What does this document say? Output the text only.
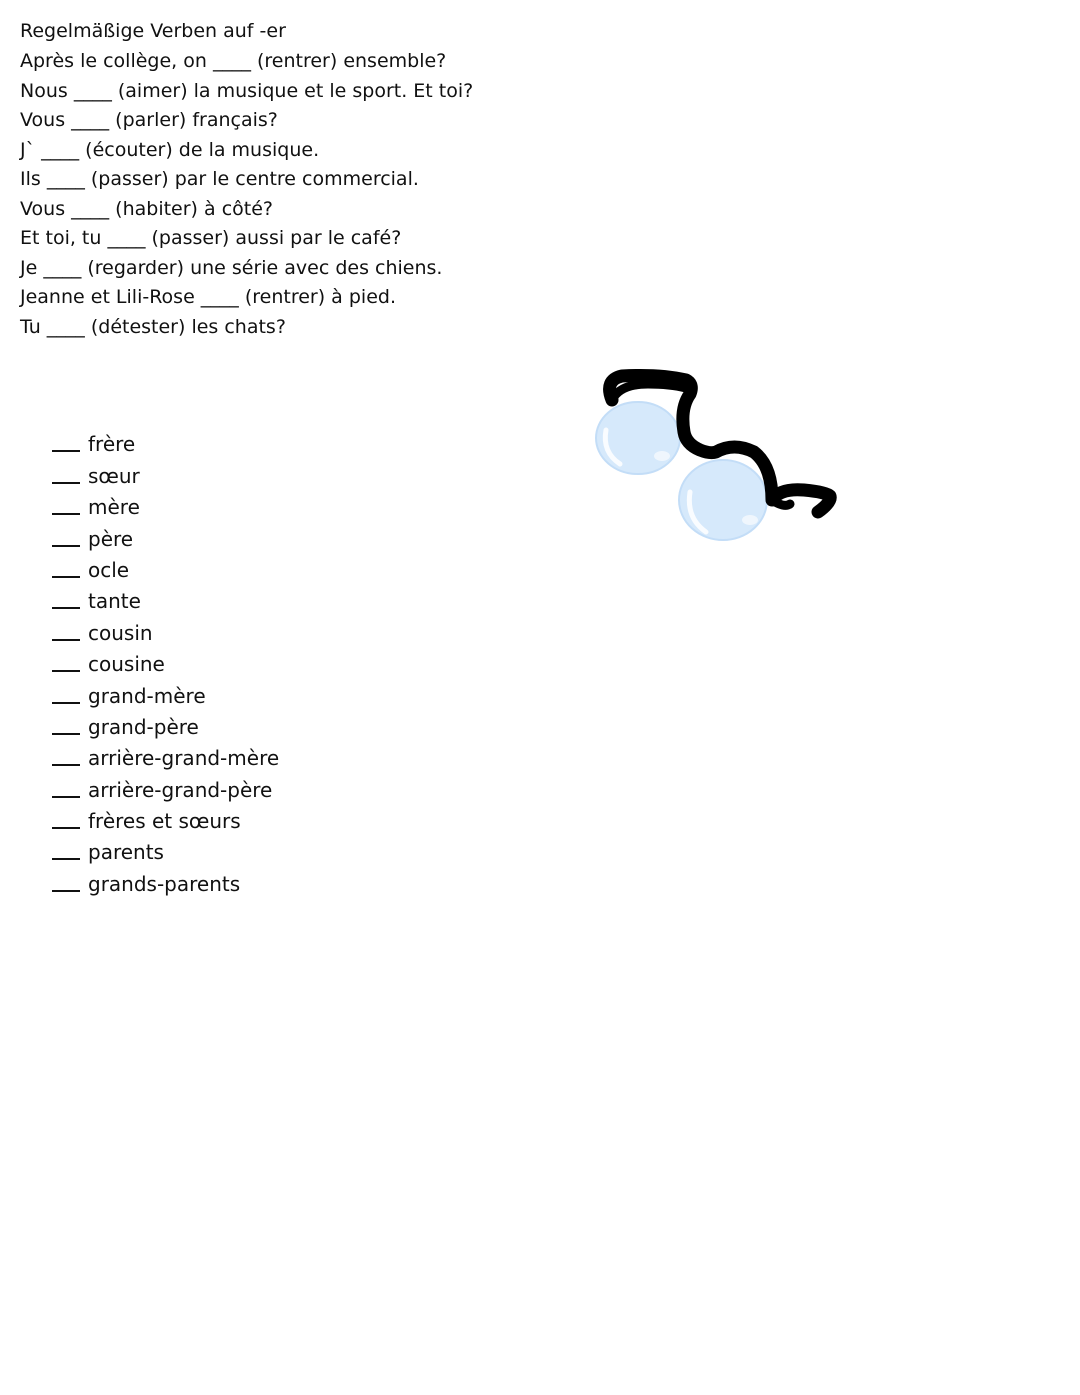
Regelmäßige Verben auf -er
Après le collège, on ____ (rentrer) ensemble?
Nous ____ (aimer) la musique et le sport. Et toi?
Vous ____ (parler) français?
J` ____ (écouter) de la musique.
Ils ____ (passer) par le centre commercial.
Vous ____ (habiter) à côté?
Et toi, tu ____ (passer) aussi par le café?
Je ____ (regarder) une série avec des chiens.
Jeanne et Lili-Rose ____ (rentrer) à pied.
Tu ____ (détester) les chats?
frère
sœur
mère
père
ocle
tante
cousin
cousine
grand-mère
grand-père
arrière-grand-mère
arrière-grand-père
frères et sœurs
parents
grands-parents
